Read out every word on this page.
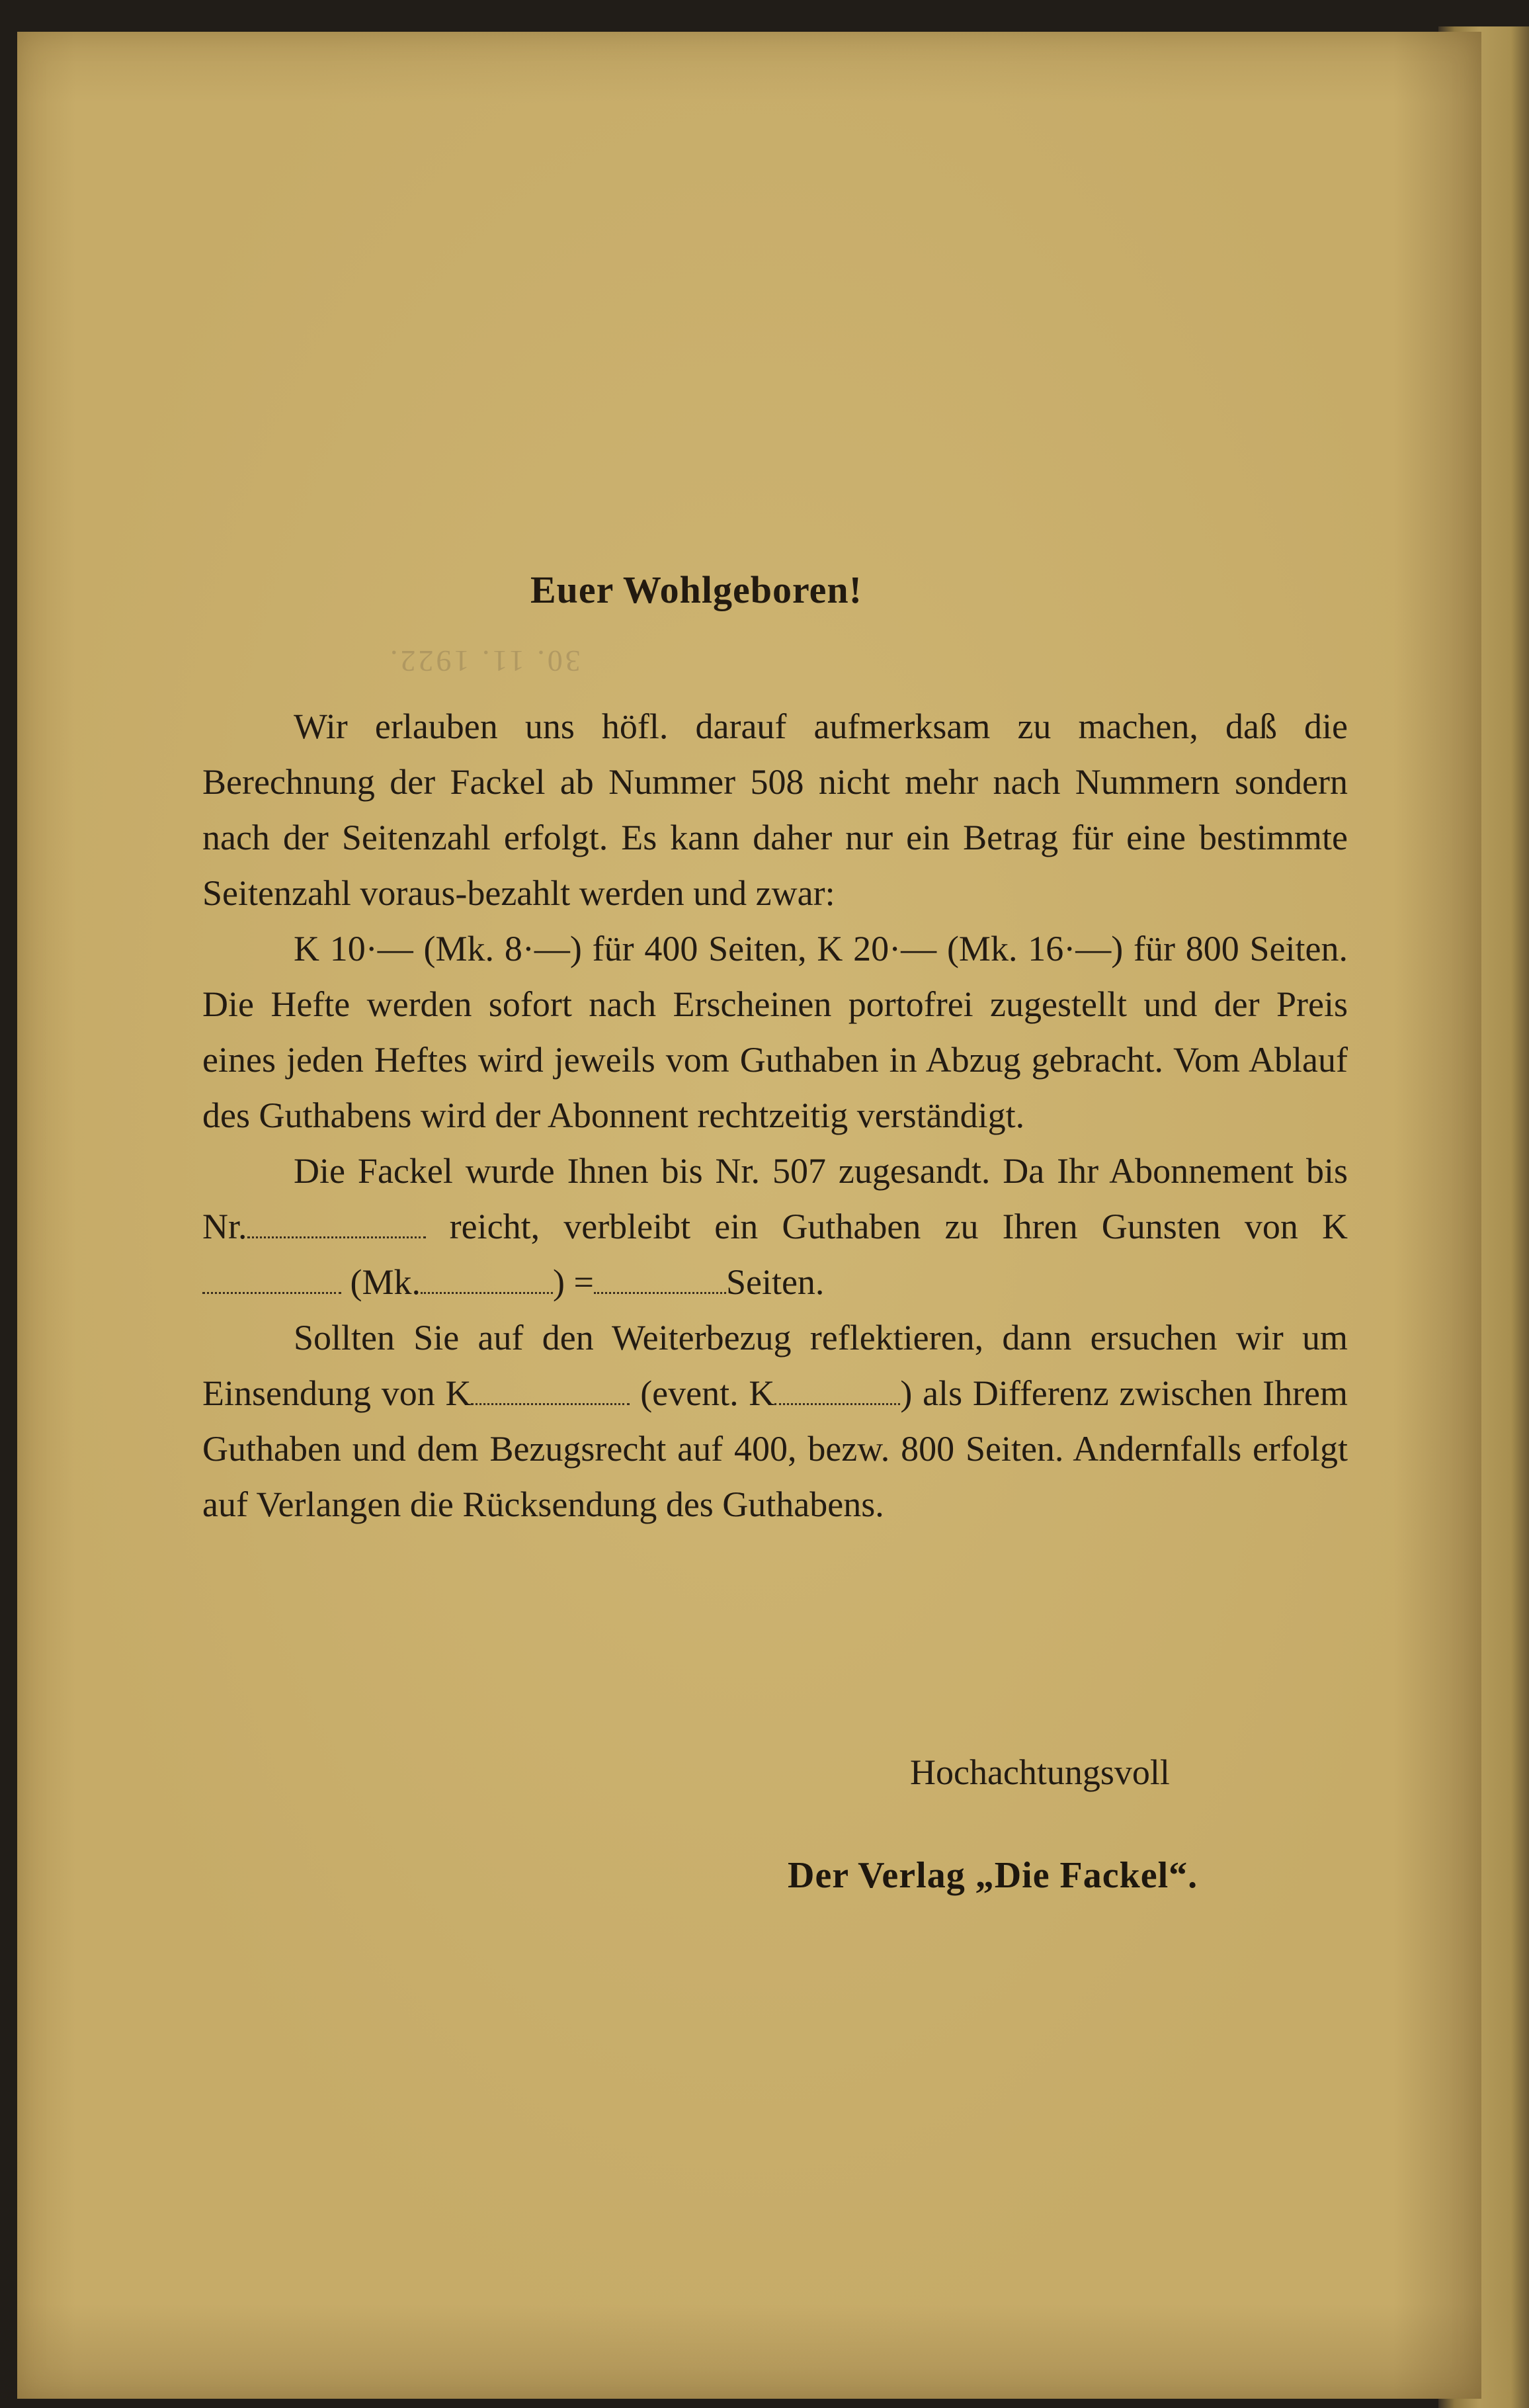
30. 11. 1922.
Euer Wohlgeboren!

Wir erlauben uns höfl. darauf aufmerksam zu machen, daß die Berechnung der Fackel ab Nummer 508 nicht mehr nach Nummern sondern nach der Seitenzahl erfolgt. Es kann daher nur ein Betrag für eine bestimmte Seitenzahl voraus-bezahlt werden und zwar:

K 10·— (Mk. 8·—) für 400 Seiten, K 20·— (Mk. 16·—) für 800 Seiten. Die Hefte werden sofort nach Erscheinen portofrei zugestellt und der Preis eines jeden Heftes wird jeweils vom Guthaben in Abzug gebracht. Vom Ablauf des Guthabens wird der Abonnent rechtzeitig verständigt.

Die Fackel wurde Ihnen bis Nr. 507 zugesandt. Da Ihr Abonnement bis Nr.	reicht, verbleibt ein Guthaben zu Ihren Gunsten von K (Mk.	) =	Seiten.

Sollten Sie auf den Weiterbezug reflektieren, dann ersuchen wir um Einsendung von K	(event. K	) als Differenz zwischen Ihrem Guthaben und dem Bezugsrecht auf 400, bezw. 800 Seiten. Andernfalls erfolgt auf Verlangen die Rücksendung des Guthabens.

Hochachtungsvoll
Der Verlag „Die Fackel“.
